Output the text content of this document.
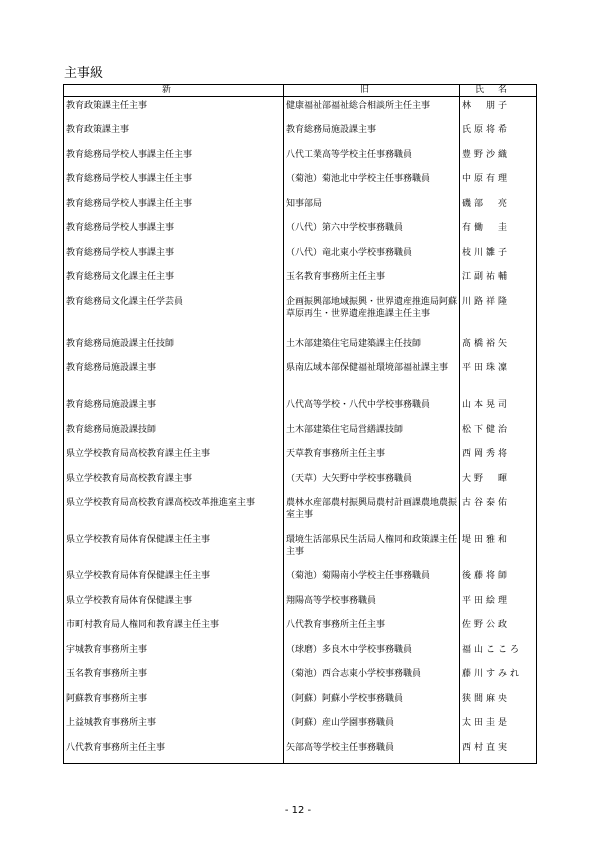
主事級
新	旧	氏名
教育政策課主任主事	健康福祉部福祉総合相談所主任主事	林　朋子
教育政策課主事	教育総務局施設課主事	氏原将希
教育総務局学校人事課主任主事	八代工業高等学校主任事務職員	豊野沙織
教育総務局学校人事課主任主事	（菊池）菊池北中学校主任事務職員	中原有理
教育総務局学校人事課主任主事	知事部局	磯部　亮
教育総務局学校人事課主事	（八代）第六中学校事務職員	有働　圭
教育総務局学校人事課主事	（八代）竜北東小学校事務職員	枝川雛子
教育総務局文化課主任主事	玉名教育事務所主任主事	江副祐輔
教育総務局文化課主任学芸員	企画振興部地域振興・世界遺産推進局阿蘇草原再生・世界遺産推進課主任主事	川路祥隆
教育総務局施設課主任技師	土木部建築住宅局建築課主任技師	髙橋裕矢
教育総務局施設課主事	県南広域本部保健福祉環境部福祉課主事	平田珠凜
教育総務局施設課主事	八代高等学校・八代中学校事務職員	山本晃司
教育総務局施設課技師	土木部建築住宅局営繕課技師	松下健治
県立学校教育局高校教育課主任主事	天草教育事務所主任主事	西岡秀将
県立学校教育局高校教育課主事	（天草）大矢野中学校事務職員	大野　暉
県立学校教育局高校教育課高校改革推進室主事	農林水産部農村振興局農村計画課農地農振室主事	古谷泰佑
県立学校教育局体育保健課主任主事	環境生活部県民生活局人権同和政策課主任主事	堤田雅和
県立学校教育局体育保健課主任主事	（菊池）菊陽南小学校主任事務職員	後藤将師
県立学校教育局体育保健課主事	翔陽高等学校事務職員	平田絵理
市町村教育局人権同和教育課主任主事	八代教育事務所主任主事	佐野公政
宇城教育事務所主事	（球磨）多良木中学校事務職員	福山こころ
玉名教育事務所主事	（菊池）西合志東小学校事務職員	藤川すみれ
阿蘇教育事務所主事	（阿蘇）阿蘇小学校事務職員	狭間麻央
上益城教育事務所主事	（阿蘇）産山学園事務職員	太田圭是
八代教育事務所主任主事	矢部高等学校主任事務職員	西村直実
- 12 -
